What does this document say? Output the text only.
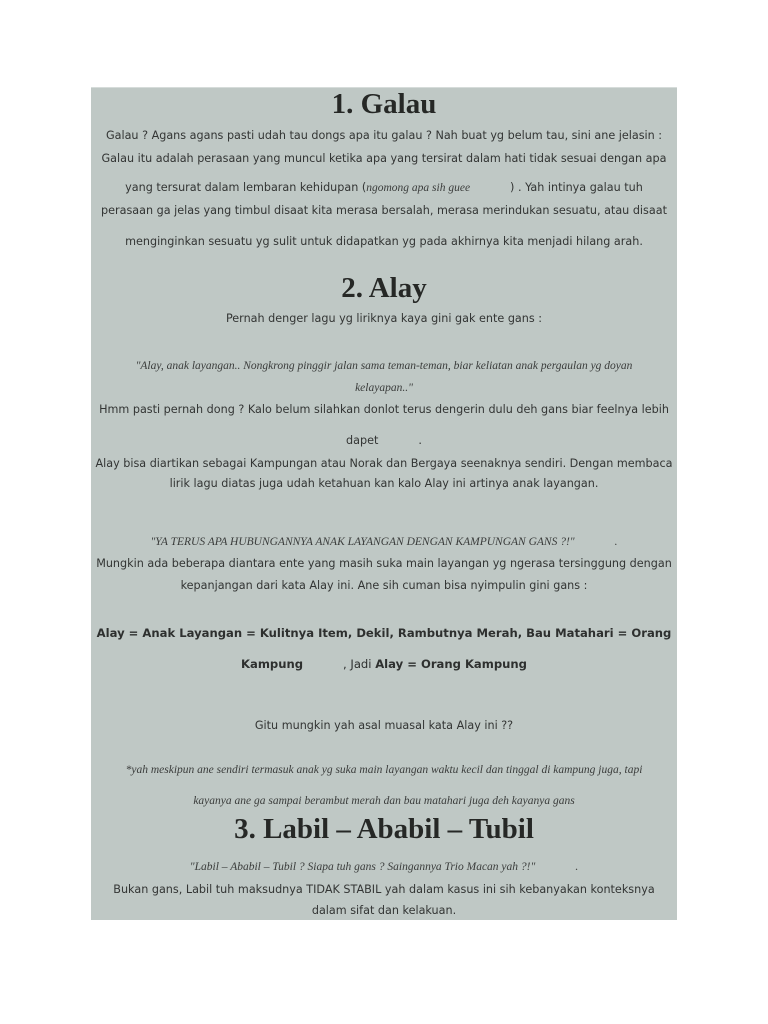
1. Galau
Galau ? Agans agans pasti udah tau dongs apa itu galau ? Nah buat yg belum tau, sini ane jelasin :
Galau itu adalah perasaan yang muncul ketika apa yang tersirat dalam hati tidak sesuai dengan apa
yang tersurat dalam lembaran kehidupan (ngomong apa sih guee	) . Yah intinya galau tuh
perasaan ga jelas yang timbul disaat kita merasa bersalah, merasa merindukan sesuatu, atau disaat
menginginkan sesuatu yg sulit untuk didapatkan yg pada akhirnya kita menjadi hilang arah.
2. Alay
Pernah denger lagu yg liriknya kaya gini gak ente gans :
"Alay, anak layangan.. Nongkrong pinggir jalan sama teman-teman, biar keliatan anak pergaulan yg doyan
kelayapan.."
Hmm pasti pernah dong ? Kalo belum silahkan donlot terus dengerin dulu deh gans biar feelnya lebih
dapet	.
Alay bisa diartikan sebagai Kampungan atau Norak dan Bergaya seenaknya sendiri. Dengan membaca
lirik lagu diatas juga udah ketahuan kan kalo Alay ini artinya anak layangan.
"YA TERUS APA HUBUNGANNYA ANAK LAYANGAN DENGAN KAMPUNGAN GANS ?!"	.
Mungkin ada beberapa diantara ente yang masih suka main layangan yg ngerasa tersinggung dengan
kepanjangan dari kata Alay ini. Ane sih cuman bisa nyimpulin gini gans :
Alay = Anak Layangan = Kulitnya Item, Dekil, Rambutnya Merah, Bau Matahari = Orang
Kampung	, Jadi Alay = Orang Kampung
Gitu mungkin yah asal muasal kata Alay ini ??
*yah meskipun ane sendiri termasuk anak yg suka main layangan waktu kecil dan tinggal di kampung juga, tapi
kayanya ane ga sampai berambut merah dan bau matahari juga deh kayanya gans
3. Labil – Ababil – Tubil
"Labil – Ababil – Tubil ? Siapa tuh gans ? Saingannya Trio Macan yah ?!"	.
Bukan gans, Labil tuh maksudnya TIDAK STABIL yah dalam kasus ini sih kebanyakan konteksnya
dalam sifat dan kelakuan.
